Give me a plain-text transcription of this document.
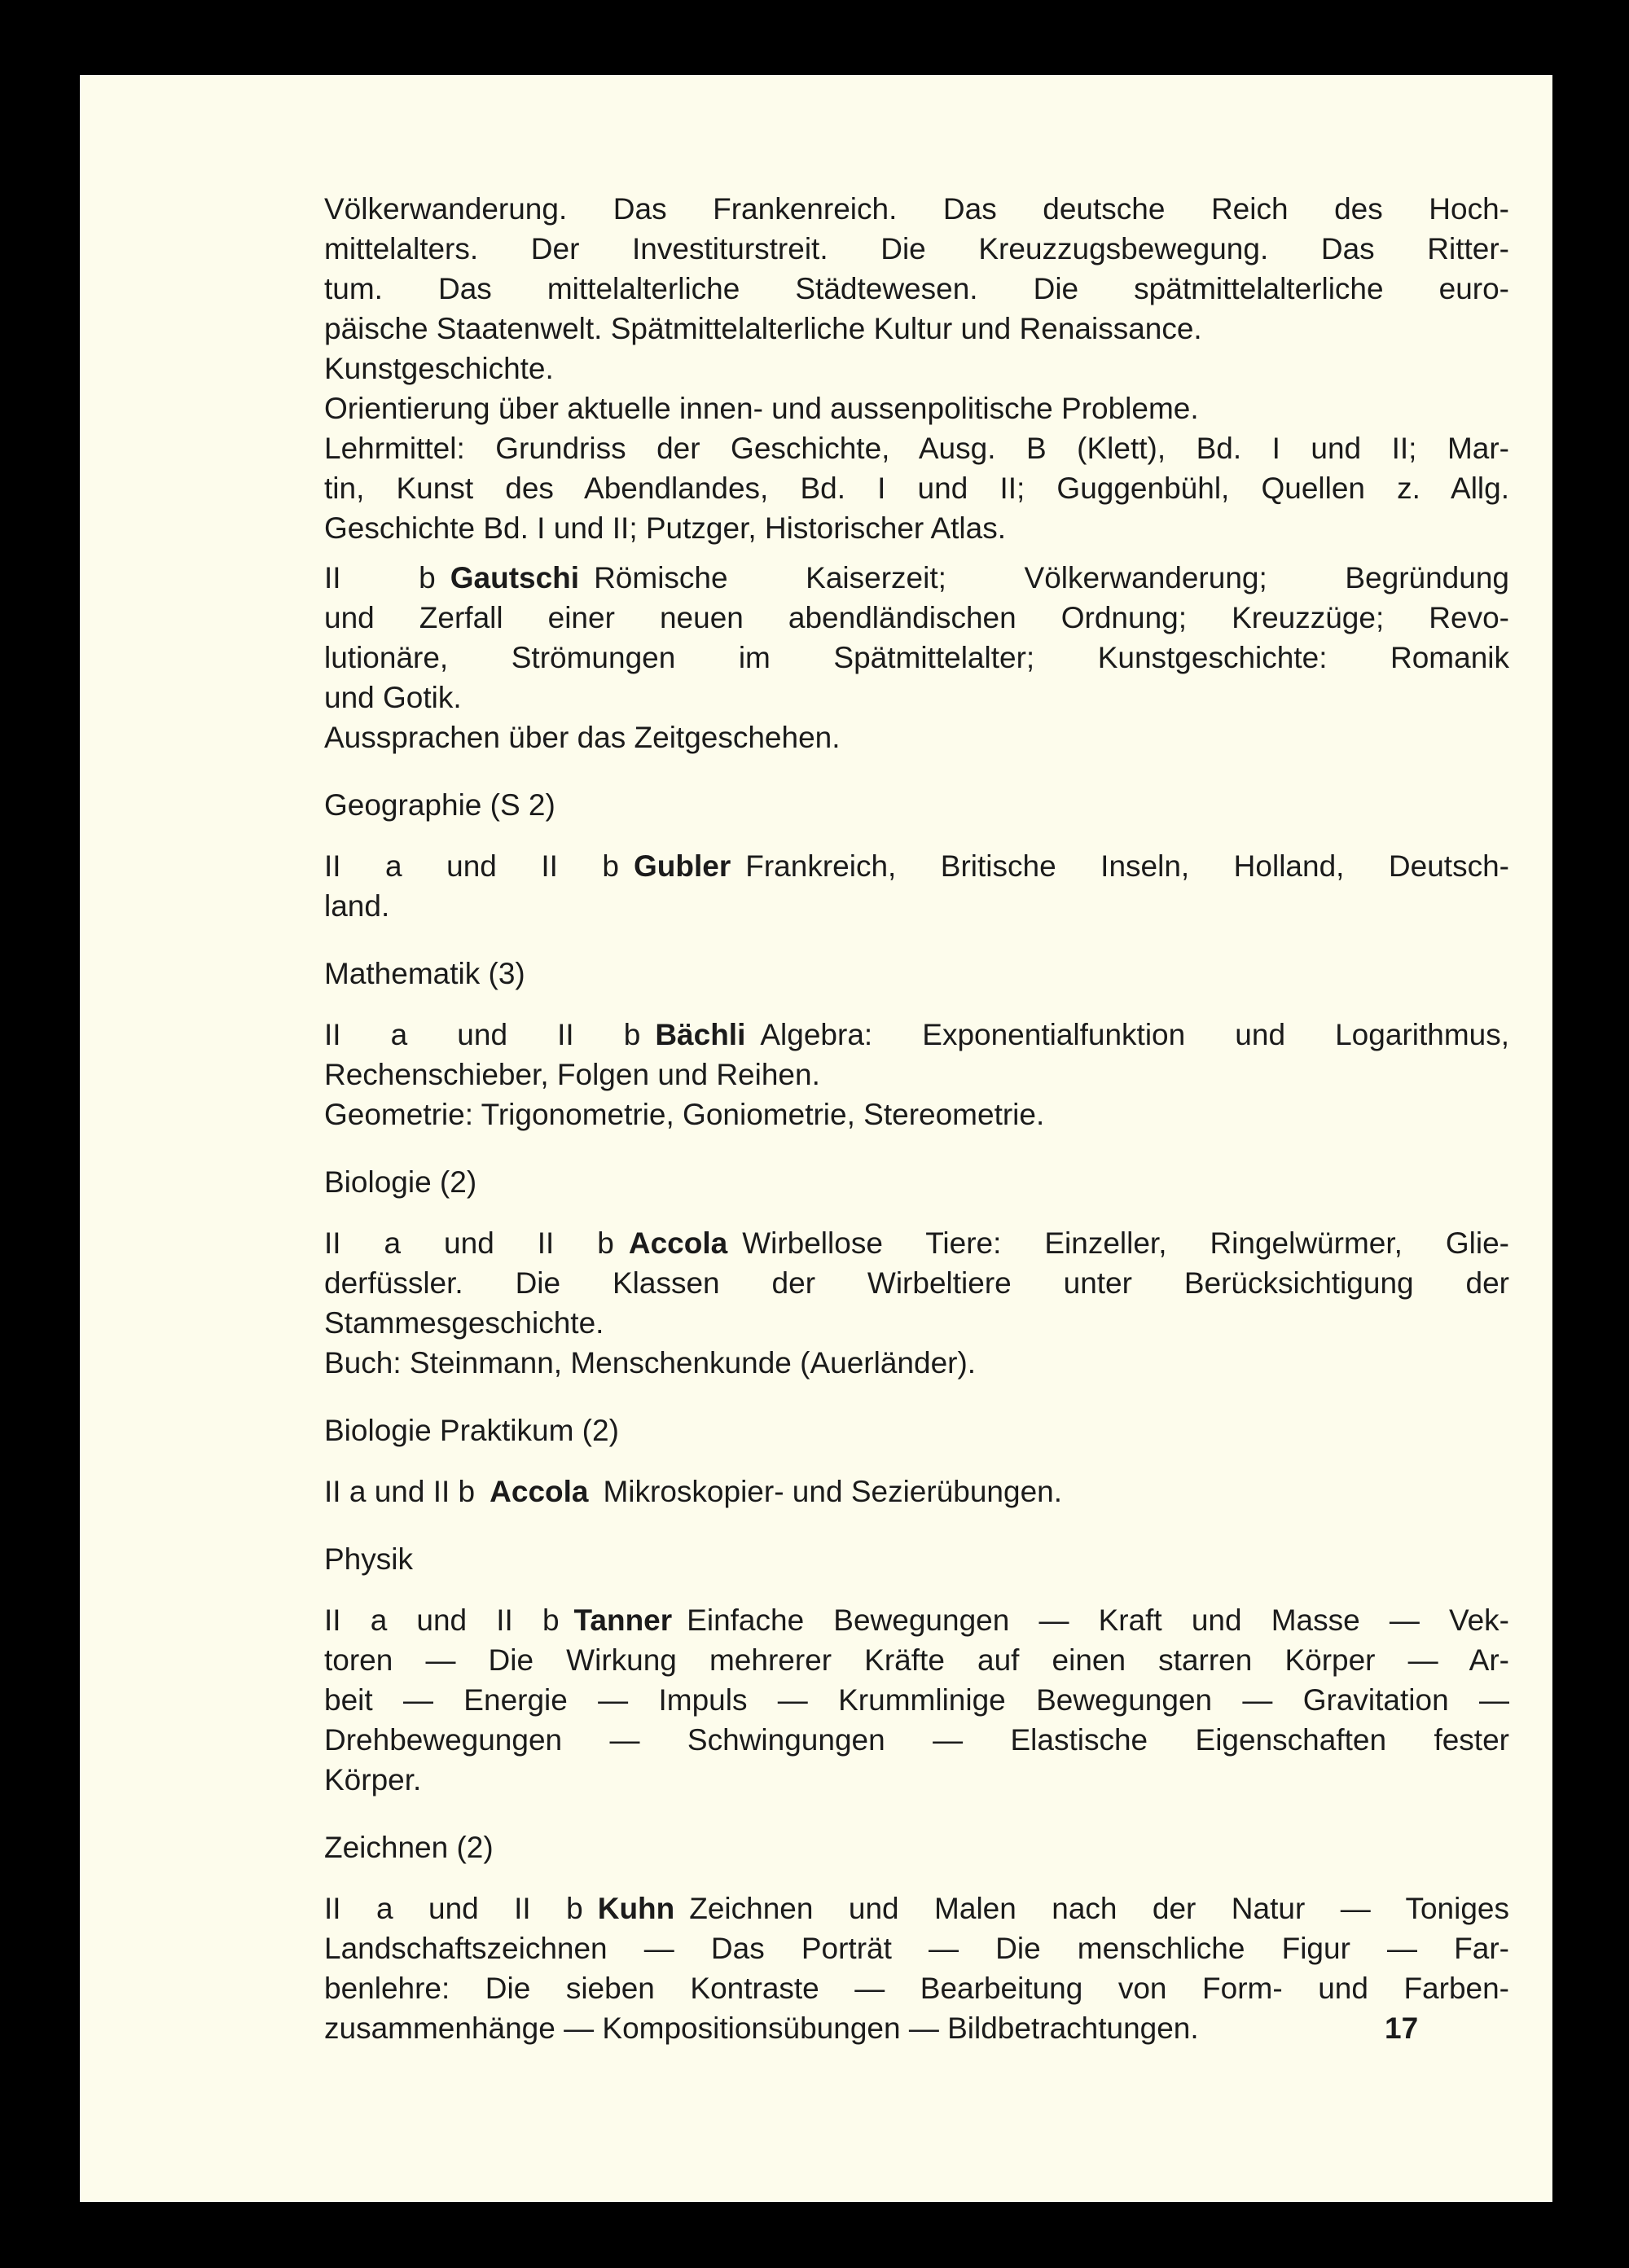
Völkerwanderung. Das Frankenreich. Das deutsche Reich des Hoch-
mittelalters. Der Investiturstreit. Die Kreuzzugsbewegung. Das Ritter-
tum. Das mittelalterliche Städtewesen. Die spätmittelalterliche euro-
päische Staatenwelt. Spätmittelalterliche Kultur und Renaissance.
Kunstgeschichte.
Orientierung über aktuelle innen- und aussenpolitische Probleme.
Lehrmittel: Grundriss der Geschichte, Ausg. B (Klett), Bd. I und II; Mar-
tin, Kunst des Abendlandes, Bd. I und II; Guggenbühl, Quellen z. Allg.
Geschichte Bd. I und II; Putzger, Historischer Atlas.
II b Gautschi Römische Kaiserzeit; Völkerwanderung; Begründung
und Zerfall einer neuen abendländischen Ordnung; Kreuzzüge; Revo-
lutionäre, Strömungen im Spätmittelalter; Kunstgeschichte: Romanik
und Gotik.
Aussprachen über das Zeitgeschehen.
Geographie (S 2)
II a und II b Gubler Frankreich, Britische Inseln, Holland, Deutsch-
land.
Mathematik (3)
II a und II b Bächli Algebra: Exponentialfunktion und Logarithmus,
Rechenschieber, Folgen und Reihen.
Geometrie: Trigonometrie, Goniometrie, Stereometrie.
Biologie (2)
II a und II b Accola Wirbellose Tiere: Einzeller, Ringelwürmer, Glie-
derfüssler. Die Klassen der Wirbeltiere unter Berücksichtigung der
Stammesgeschichte.
Buch: Steinmann, Menschenkunde (Auerländer).
Biologie Praktikum (2)
II a und II b Accola Mikroskopier- und Sezierübungen.
Physik
II a und II b Tanner Einfache Bewegungen — Kraft und Masse — Vek-
toren — Die Wirkung mehrerer Kräfte auf einen starren Körper — Ar-
beit — Energie — Impuls — Krummlinige Bewegungen — Gravitation —
Drehbewegungen — Schwingungen — Elastische Eigenschaften fester
Körper.
Zeichnen (2)
II a und II b Kuhn Zeichnen und Malen nach der Natur — Toniges
Landschaftszeichnen — Das Porträt — Die menschliche Figur — Far-
benlehre: Die sieben Kontraste — Bearbeitung von Form- und Farben-
zusammenhänge — Kompositionsübungen — Bildbetrachtungen.	17
